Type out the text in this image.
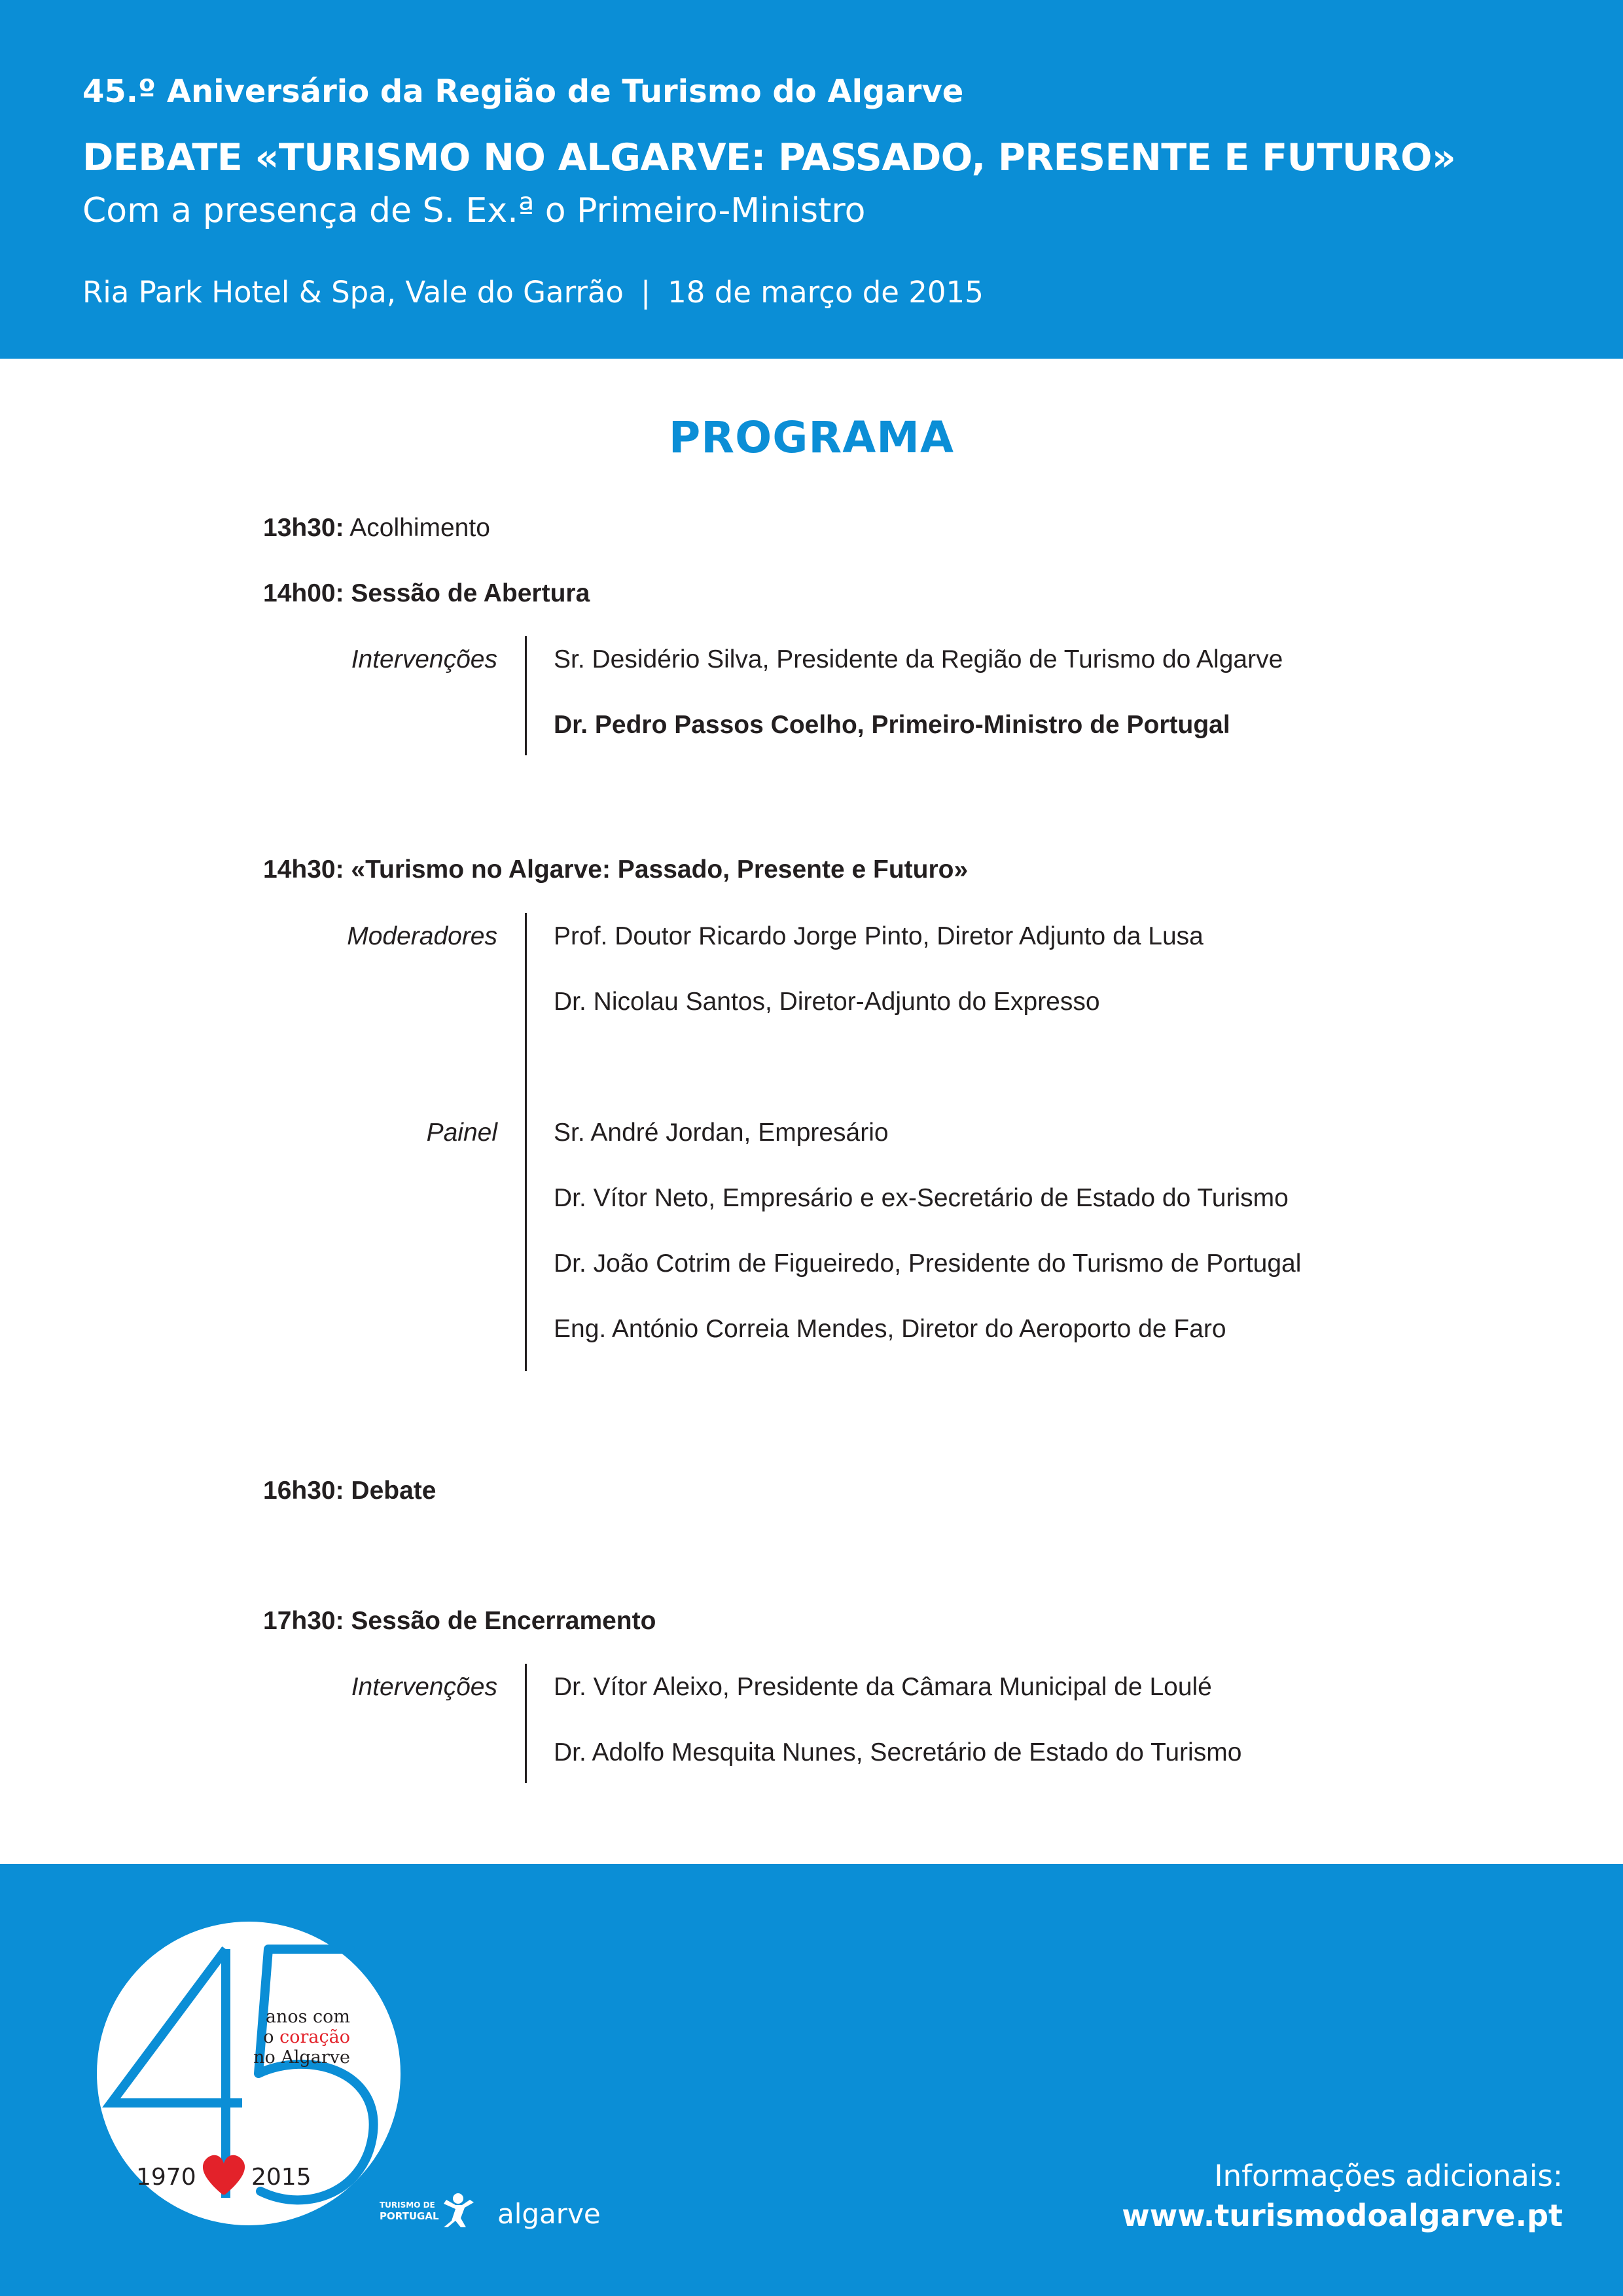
45.º Aniversário da Região de Turismo do Algarve
DEBATE «TURISMO NO ALGARVE: PASSADO, PRESENTE E FUTURO»
Com a presença de S. Ex.ª o Primeiro-Ministro
Ria Park Hotel & Spa, Vale do Garrão | 18 de março de 2015
PROGRAMA
13h30: Acolhimento
14h00: Sessão de Abertura
Intervenções Sr. Desidério Silva, Presidente da Região de Turismo do Algarve
Dr. Pedro Passos Coelho, Primeiro-Ministro de Portugal
14h30: «Turismo no Algarve: Passado, Presente e Futuro»
Moderadores Prof. Doutor Ricardo Jorge Pinto, Diretor Adjunto da Lusa
Dr. Nicolau Santos, Diretor-Adjunto do Expresso
Painel Sr. André Jordan, Empresário
Dr. Vítor Neto, Empresário e ex-Secretário de Estado do Turismo
Dr. João Cotrim de Figueiredo, Presidente do Turismo de Portugal
Eng. António Correia Mendes, Diretor do Aeroporto de Faro
16h30: Debate
17h30: Sessão de Encerramento
Intervenções Dr. Vítor Aleixo, Presidente da Câmara Municipal de Loulé
Dr. Adolfo Mesquita Nunes, Secretário de Estado do Turismo
anos com
o coração
no Algarve
1970 2015
TURISMO DE
PORTUGAL algarve
Informações adicionais:
www.turismodoalgarve.pt
